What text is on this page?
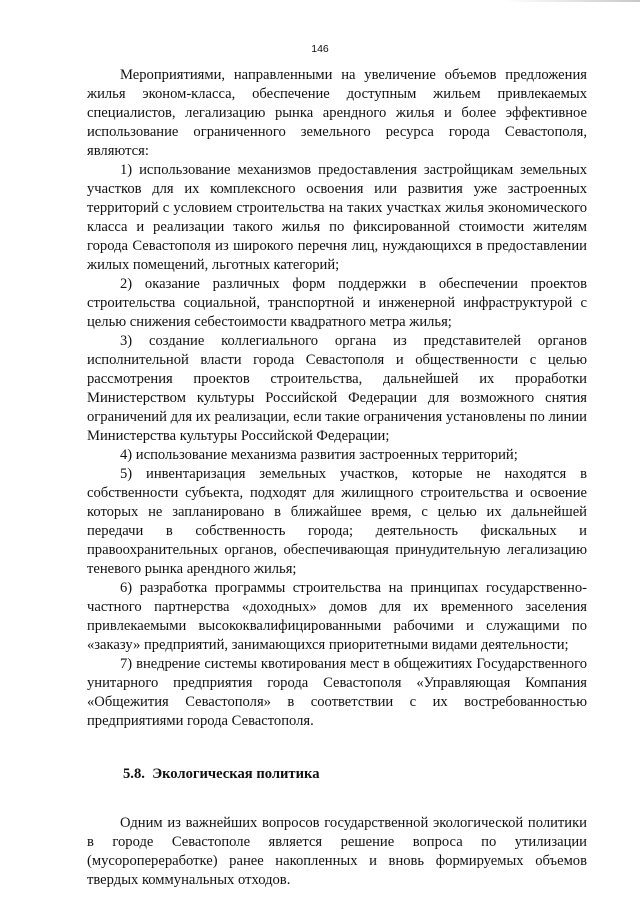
146

Мероприятиями, направленными на увеличение объемов предложения жилья эконом-класса, обеспечение доступным жильем привлекаемых специалистов, легализацию рынка арендного жилья и более эффективное использование ограниченного земельного ресурса города Севастополя, являются:

1) использование механизмов предоставления застройщикам земельных участков для их комплексного освоения или развития уже застроенных территорий с условием строительства на таких участках жилья экономического класса и реализации такого жилья по фиксированной стоимости жителям города Севастополя из широкого перечня лиц, нуждающихся в предоставлении жилых помещений, льготных категорий;

2) оказание различных форм поддержки в обеспечении проектов строительства социальной, транспортной и инженерной инфраструктурой с целью снижения себестоимости квадратного метра жилья;

3) создание коллегиального органа из представителей органов исполнительной власти города Севастополя и общественности с целью рассмотрения проектов строительства, дальнейшей их проработки Министерством культуры Российской Федерации для возможного снятия ограничений для их реализации, если такие ограничения установлены по линии Министерства культуры Российской Федерации;

4) использование механизма развития застроенных территорий;

5) инвентаризация земельных участков, которые не находятся в собственности субъекта, подходят для жилищного строительства и освоение которых не запланировано в ближайшее время, с целью их дальнейшей передачи в собственность города; деятельность фискальных и правоохранительных органов, обеспечивающая принудительную легализацию теневого рынка арендного жилья;

6) разработка программы строительства на принципах государственно-частного партнерства «доходных» домов для их временного заселения привлекаемыми высококвалифицированными рабочими и служащими по «заказу» предприятий, занимающихся приоритетными видами деятельности;

7) внедрение системы квотирования мест в общежитиях Государственного унитарного предприятия города Севастополя «Управляющая Компания «Общежития Севастополя» в соответствии с их востребованностью предприятиями города Севастополя.

5.8. Экологическая политика

Одним из важнейших вопросов государственной экологической политики в городе Севастополе является решение вопроса по утилизации (мусоропереработке) ранее накопленных и вновь формируемых объемов твердых коммунальных отходов.
